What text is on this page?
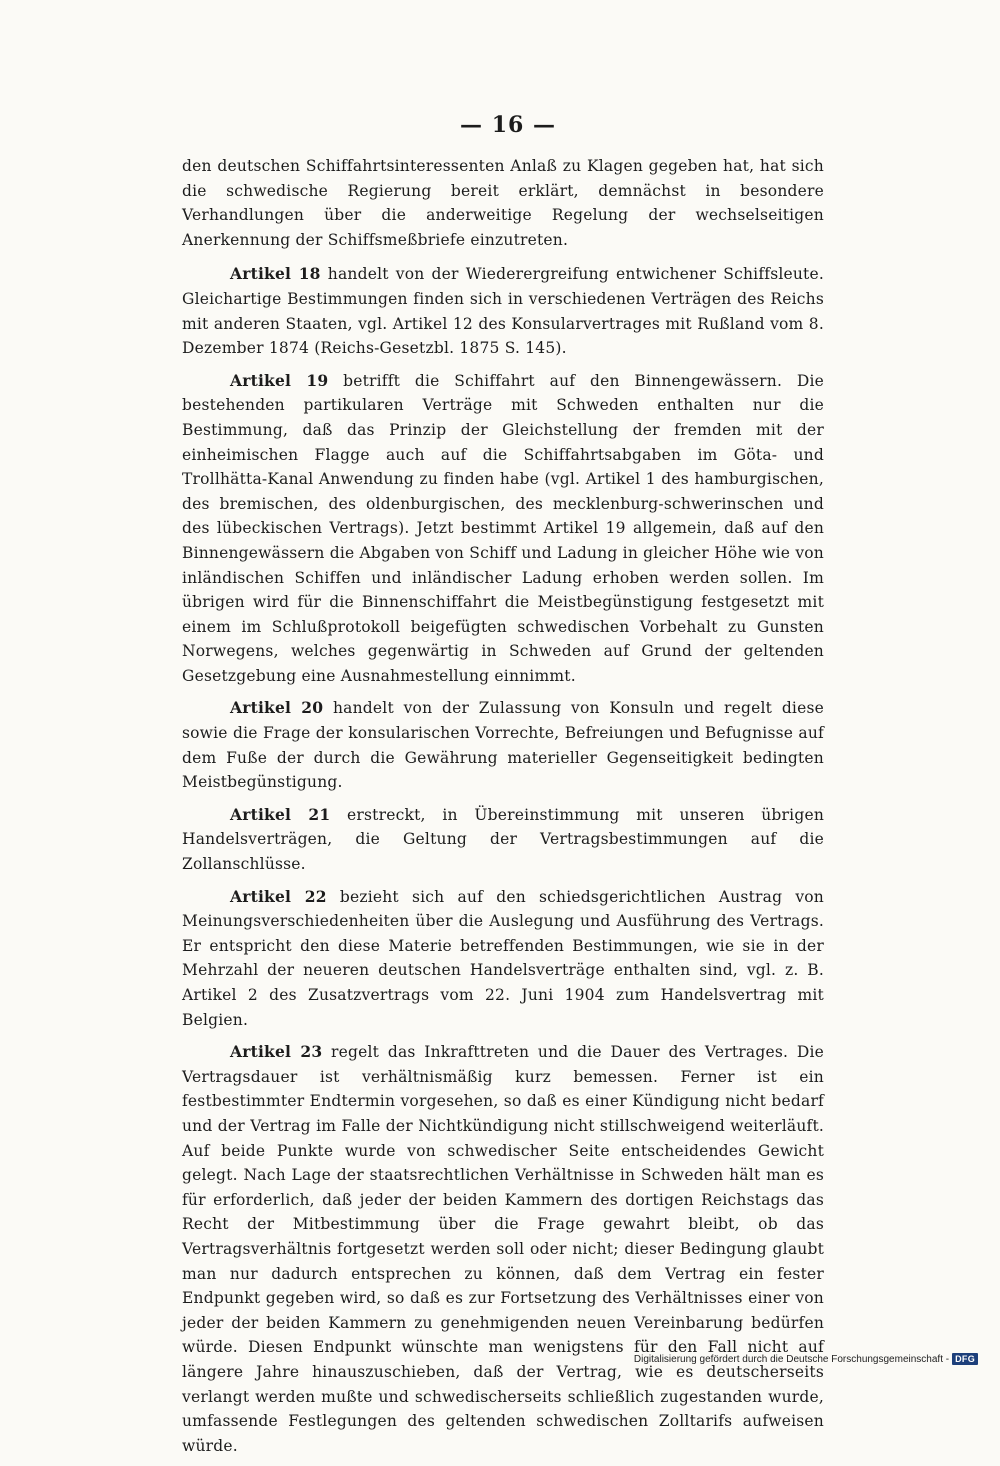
— 16 —

den deutschen Schiffahrtsinteressenten Anlaß zu Klagen gegeben hat, hat sich die schwedische Regierung bereit erklärt, demnächst in besondere Verhandlungen über die anderweitige Regelung der wechselseitigen Anerkennung der Schiffsmeßbriefe einzutreten.

Artikel 18 handelt von der Wiederergreifung entwichener Schiffsleute. Gleichartige Bestimmungen finden sich in verschiedenen Verträgen des Reichs mit anderen Staaten, vgl. Artikel 12 des Konsularvertrages mit Rußland vom 8. Dezember 1874 (Reichs-Gesetzbl. 1875 S. 145).

Artikel 19 betrifft die Schiffahrt auf den Binnengewässern. Die bestehenden partikularen Verträge mit Schweden enthalten nur die Bestimmung, daß das Prinzip der Gleichstellung der fremden mit der einheimischen Flagge auch auf die Schiffahrtsabgaben im Göta- und Trollhätta-Kanal Anwendung zu finden habe (vgl. Artikel 1 des hamburgischen, des bremischen, des oldenburgischen, des mecklenburg-schwerinschen und des lübeckischen Vertrags). Jetzt bestimmt Artikel 19 allgemein, daß auf den Binnengewässern die Abgaben von Schiff und Ladung in gleicher Höhe wie von inländischen Schiffen und inländischer Ladung erhoben werden sollen. Im übrigen wird für die Binnenschiffahrt die Meistbegünstigung festgesetzt mit einem im Schlußprotokoll beigefügten schwedischen Vorbehalt zu Gunsten Norwegens, welches gegenwärtig in Schweden auf Grund der geltenden Gesetzgebung eine Ausnahmestellung einnimmt.

Artikel 20 handelt von der Zulassung von Konsuln und regelt diese sowie die Frage der konsularischen Vorrechte, Befreiungen und Befugnisse auf dem Fuße der durch die Gewährung materieller Gegenseitigkeit bedingten Meistbegünstigung.

Artikel 21 erstreckt, in Übereinstimmung mit unseren übrigen Handelsverträgen, die Geltung der Vertragsbestimmungen auf die Zollanschlüsse.

Artikel 22 bezieht sich auf den schiedsgerichtlichen Austrag von Meinungsverschiedenheiten über die Auslegung und Ausführung des Vertrags. Er entspricht den diese Materie betreffenden Bestimmungen, wie sie in der Mehrzahl der neueren deutschen Handelsverträge enthalten sind, vgl. z. B. Artikel 2 des Zusatzvertrags vom 22. Juni 1904 zum Handelsvertrag mit Belgien.

Artikel 23 regelt das Inkrafttreten und die Dauer des Vertrages. Die Vertragsdauer ist verhältnismäßig kurz bemessen. Ferner ist ein festbestimmter Endtermin vorgesehen, so daß es einer Kündigung nicht bedarf und der Vertrag im Falle der Nichtkündigung nicht stillschweigend weiterläuft. Auf beide Punkte wurde von schwedischer Seite entscheidendes Gewicht gelegt. Nach Lage der staatsrechtlichen Verhältnisse in Schweden hält man es für erforderlich, daß jeder der beiden Kammern des dortigen Reichstags das Recht der Mitbestimmung über die Frage gewahrt bleibt, ob das Vertragsverhältnis fortgesetzt werden soll oder nicht; dieser Bedingung glaubt man nur dadurch entsprechen zu können, daß dem Vertrag ein fester Endpunkt gegeben wird, so daß es zur Fortsetzung des Verhältnisses einer von jeder der beiden Kammern zu genehmigenden neuen Vereinbarung bedürfen würde. Diesen Endpunkt wünschte man wenigstens für den Fall nicht auf längere Jahre hinauszuschieben, daß der Vertrag, wie es deutscherseits verlangt werden mußte und schwedischerseits schließlich zugestanden wurde, umfassende Festlegungen des geltenden schwedischen Zolltarifs aufweisen würde.

Digitalisierung gefördert durch die Deutsche Forschungsgemeinschaft - DFG
